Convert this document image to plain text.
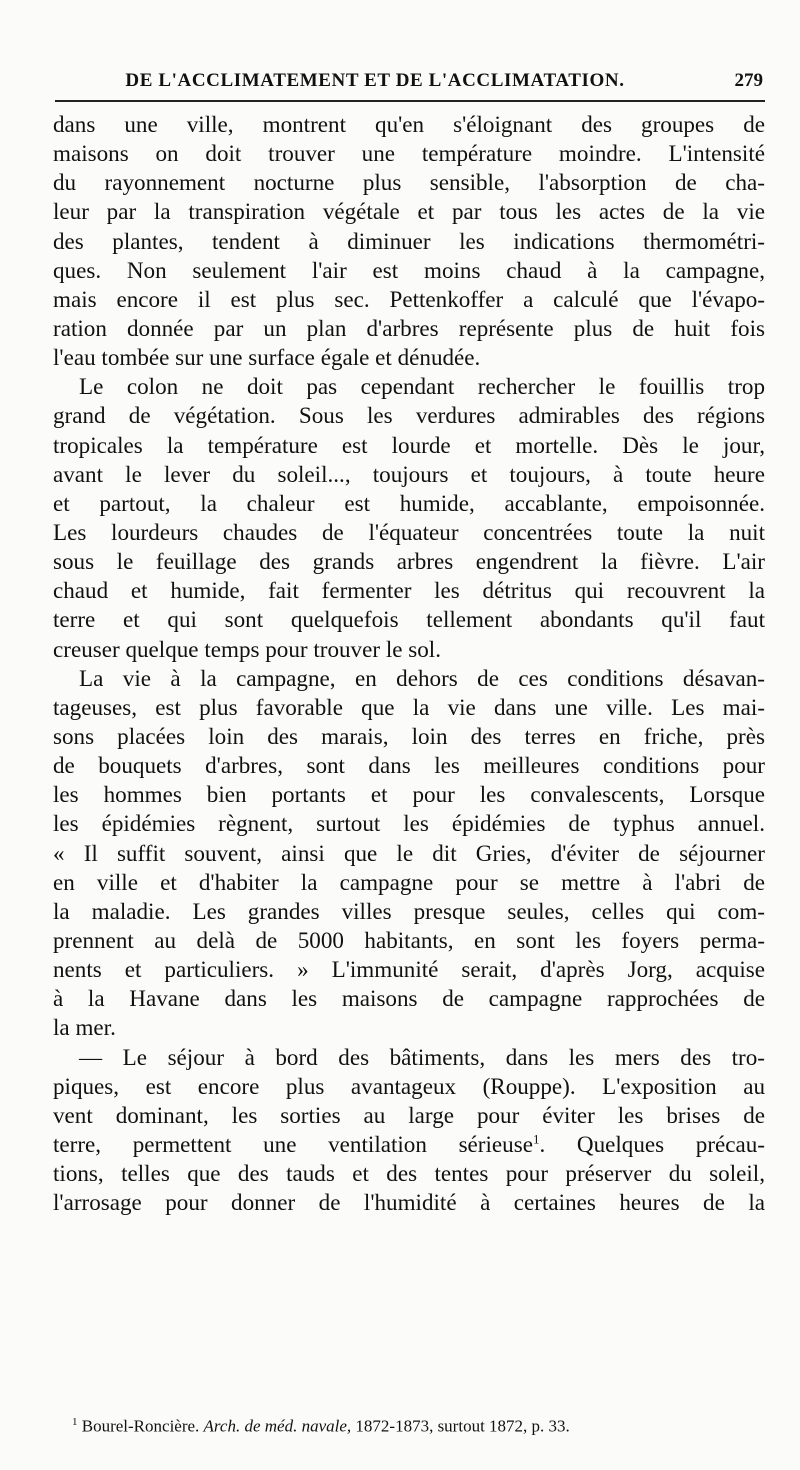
DE L'ACCLIMATEMENT ET DE L'ACCLIMATATION.	279
dans une ville, montrent qu'en s'éloignant des groupes de
maisons on doit trouver une température moindre. L'intensité
du rayonnement nocturne plus sensible, l'absorption de cha-
leur par la transpiration végétale et par tous les actes de la vie
des plantes, tendent à diminuer les indications thermométri-
ques. Non seulement l'air est moins chaud à la campagne,
mais encore il est plus sec. Pettenkoffer a calculé que l'évapo-
ration donnée par un plan d'arbres représente plus de huit fois
l'eau tombée sur une surface égale et dénudée.
Le colon ne doit pas cependant rechercher le fouillis trop
grand de végétation. Sous les verdures admirables des régions
tropicales la température est lourde et mortelle. Dès le jour,
avant le lever du soleil..., toujours et toujours, à toute heure
et partout, la chaleur est humide, accablante, empoisonnée.
Les lourdeurs chaudes de l'équateur concentrées toute la nuit
sous le feuillage des grands arbres engendrent la fièvre. L'air
chaud et humide, fait fermenter les détritus qui recouvrent la
terre et qui sont quelquefois tellement abondants qu'il faut
creuser quelque temps pour trouver le sol.
La vie à la campagne, en dehors de ces conditions désavan-
tageuses, est plus favorable que la vie dans une ville. Les mai-
sons placées loin des marais, loin des terres en friche, près
de bouquets d'arbres, sont dans les meilleures conditions pour
les hommes bien portants et pour les convalescents, Lorsque
les épidémies règnent, surtout les épidémies de typhus annuel.
« Il suffit souvent, ainsi que le dit Gries, d'éviter de séjourner
en ville et d'habiter la campagne pour se mettre à l'abri de
la maladie. Les grandes villes presque seules, celles qui com-
prennent au delà de 5000 habitants, en sont les foyers perma-
nents et particuliers. » L'immunité serait, d'après Jorg, acquise
à la Havane dans les maisons de campagne rapprochées de
la mer.
— Le séjour à bord des bâtiments, dans les mers des tro-
piques, est encore plus avantageux (Rouppe). L'exposition au
vent dominant, les sorties au large pour éviter les brises de
terre, permettent une ventilation sérieuse$^1$. Quelques précau-
tions, telles que des tauds et des tentes pour préserver du soleil,
l'arrosage pour donner de l'humidité à certaines heures de la
$^1$ Bourel-Roncière. Arch. de méd. navale, 1872-1873, surtout 1872, p. 33.
